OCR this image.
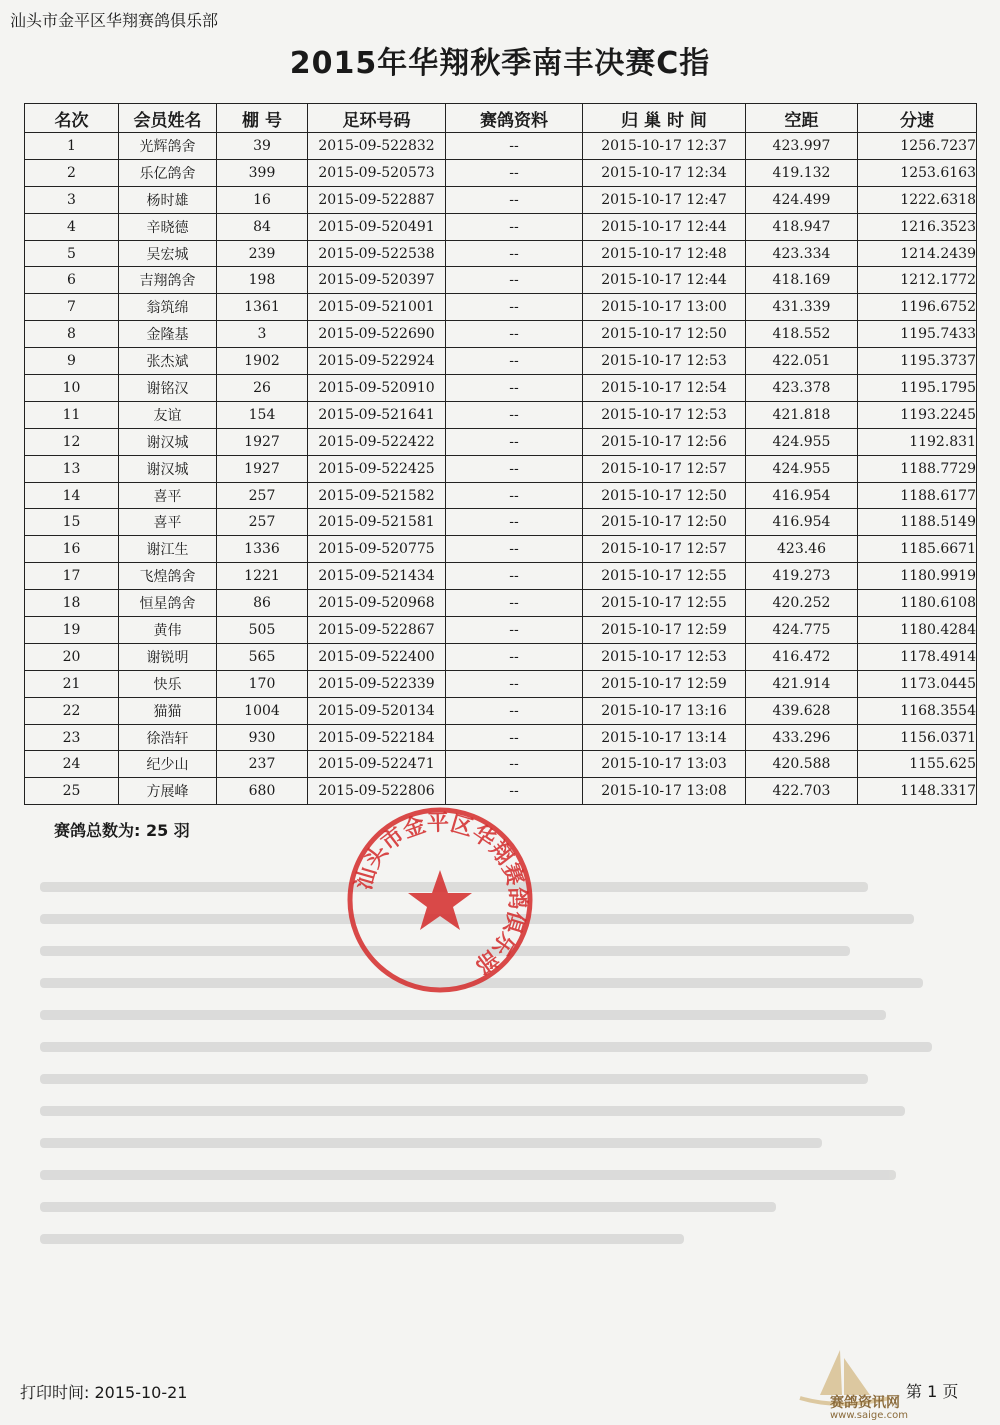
汕头市金平区华翔赛鸽俱乐部
2015年华翔秋季南丰决赛C指
名次	会员姓名	棚 号	足环号码	赛鸽资料	归 巢 时 间	空距	分速
1	光辉鸽舍	39	2015-09-522832	--	2015-10-17 12:37	423.997	1256.7237
2	乐亿鸽舍	399	2015-09-520573	--	2015-10-17 12:34	419.132	1253.6163
3	杨时雄	16	2015-09-522887	--	2015-10-17 12:47	424.499	1222.6318
4	辛晓德	84	2015-09-520491	--	2015-10-17 12:44	418.947	1216.3523
5	吴宏城	239	2015-09-522538	--	2015-10-17 12:48	423.334	1214.2439
6	吉翔鸽舍	198	2015-09-520397	--	2015-10-17 12:44	418.169	1212.1772
7	翁筑绵	1361	2015-09-521001	--	2015-10-17 13:00	431.339	1196.6752
8	金隆基	3	2015-09-522690	--	2015-10-17 12:50	418.552	1195.7433
9	张杰斌	1902	2015-09-522924	--	2015-10-17 12:53	422.051	1195.3737
10	谢铭汉	26	2015-09-520910	--	2015-10-17 12:54	423.378	1195.1795
11	友谊	154	2015-09-521641	--	2015-10-17 12:53	421.818	1193.2245
12	谢汉城	1927	2015-09-522422	--	2015-10-17 12:56	424.955	1192.831
13	谢汉城	1927	2015-09-522425	--	2015-10-17 12:57	424.955	1188.7729
14	喜平	257	2015-09-521582	--	2015-10-17 12:50	416.954	1188.6177
15	喜平	257	2015-09-521581	--	2015-10-17 12:50	416.954	1188.5149
16	谢江生	1336	2015-09-520775	--	2015-10-17 12:57	423.46	1185.6671
17	飞煌鸽舍	1221	2015-09-521434	--	2015-10-17 12:55	419.273	1180.9919
18	恒星鸽舍	86	2015-09-520968	--	2015-10-17 12:55	420.252	1180.6108
19	黄伟	505	2015-09-522867	--	2015-10-17 12:59	424.775	1180.4284
20	谢锐明	565	2015-09-522400	--	2015-10-17 12:53	416.472	1178.4914
21	快乐	170	2015-09-522339	--	2015-10-17 12:59	421.914	1173.0445
22	猫猫	1004	2015-09-520134	--	2015-10-17 13:16	439.628	1168.3554
23	徐浩轩	930	2015-09-522184	--	2015-10-17 13:14	433.296	1156.0371
24	纪少山	237	2015-09-522471	--	2015-10-17 13:03	420.588	1155.625
25	方展峰	680	2015-09-522806	--	2015-10-17 13:08	422.703	1148.3317
赛鸽总数为: 25 羽
汕头市金平区华翔赛鸽俱乐部
打印时间: 2015-10-21	第 1 页
赛鸽资讯网
www.saige.com
